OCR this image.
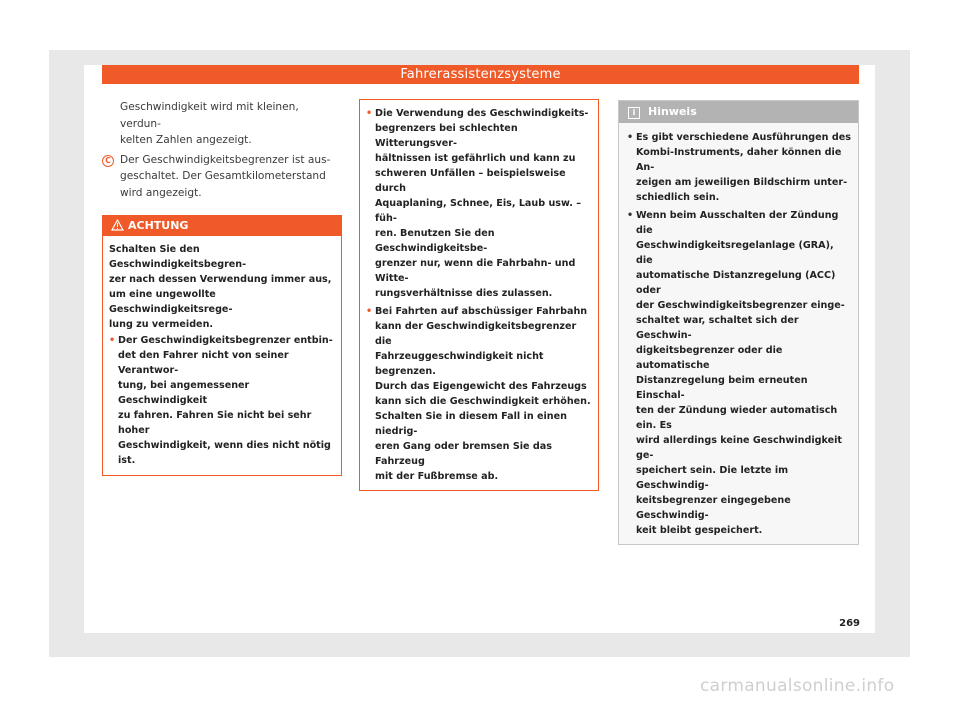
Fahrerassistenzsysteme
Geschwindigkeit wird mit kleinen, verdun-
kelten Zahlen angezeigt.
C Der Geschwindigkeitsbegrenzer ist aus-
geschaltet. Der Gesamtkilometerstand
wird angezeigt.
ACHTUNG
Schalten Sie den Geschwindigkeitsbegren-
zer nach dessen Verwendung immer aus,
um eine ungewollte Geschwindigkeitsrege-
lung zu vermeiden.
• Der Geschwindigkeitsbegrenzer entbin-
det den Fahrer nicht von seiner Verantwor-
tung, bei angemessener Geschwindigkeit
zu fahren. Fahren Sie nicht bei sehr hoher
Geschwindigkeit, wenn dies nicht nötig ist.
• Die Verwendung des Geschwindigkeits-
begrenzers bei schlechten Witterungsver-
hältnissen ist gefährlich und kann zu
schweren Unfällen – beispielsweise durch
Aquaplaning, Schnee, Eis, Laub usw. – füh-
ren. Benutzen Sie den Geschwindigkeitsbe-
grenzer nur, wenn die Fahrbahn- und Witte-
rungsverhältnisse dies zulassen.
• Bei Fahrten auf abschüssiger Fahrbahn
kann der Geschwindigkeitsbegrenzer die
Fahrzeuggeschwindigkeit nicht begrenzen.
Durch das Eigengewicht des Fahrzeugs
kann sich die Geschwindigkeit erhöhen.
Schalten Sie in diesem Fall in einen niedrig-
eren Gang oder bremsen Sie das Fahrzeug
mit der Fußbremse ab.
i	Hinweis
• Es gibt verschiedene Ausführungen des
Kombi-Instruments, daher können die An-
zeigen am jeweiligen Bildschirm unter-
schiedlich sein.
• Wenn beim Ausschalten der Zündung die
Geschwindigkeitsregelanlage (GRA), die
automatische Distanzregelung (ACC) oder
der Geschwindigkeitsbegrenzer einge-
schaltet war, schaltet sich der Geschwin-
digkeitsbegrenzer oder die automatische
Distanzregelung beim erneuten Einschal-
ten der Zündung wieder automatisch ein. Es
wird allerdings keine Geschwindigkeit ge-
speichert sein. Die letzte im Geschwindig-
keitsbegrenzer eingegebene Geschwindig-
keit bleibt gespeichert.
269
carmanualsonline.info
